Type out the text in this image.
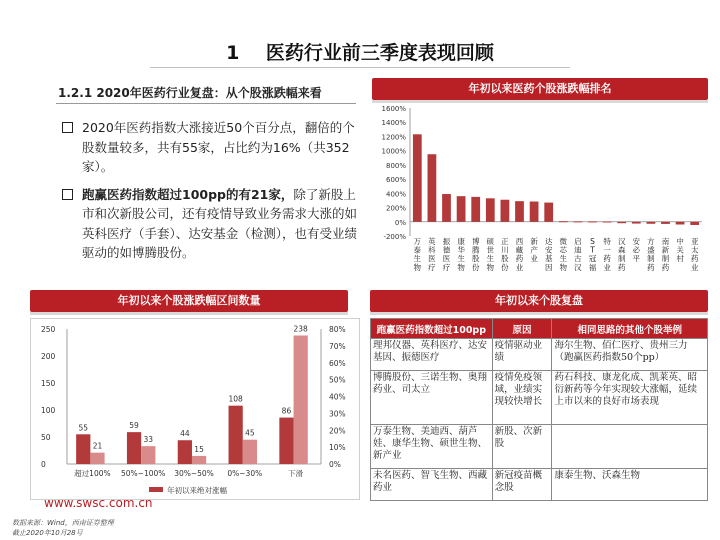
1 医药行业前三季度表现回顾
1.2.1 2020年医药行业复盘：从个股涨跌幅来看
2020年医药指数大涨接近50个百分点，翻倍的个股数量较多，共有55家，占比约为16%（共352家）。
跑赢医药指数超过100pp的有21家，除了新股上市和次新股公司，还有疫情导致业务需求大涨的如英科医疗（手套）、达安基金（检测），也有受业绩驱动的如博腾股份。
年初以来医药个股涨跌幅排名
-200%
0%
200%
400%
600%
800%
1000%
1200%
1400%
1600%
万泰生物
英科医疗
振德医疗
康华生物
博腾股份
硕世生物
正川股份
西藏药业
新产业
达安基因
微芯生物
启迪古汉
S T 冠福
特一药业
汉森制药
安必平
方盛制药
南新制药
中关村
亚太药业
年初以来个股涨跌幅区间数量
0
50
100
150
200
250
0%
10%
20%
30%
40%
50%
60%
70%
80%
55
21
超过100%
59
33
50%~100%
44
15
30%~50%
108
45
0%~30%
86
238
下滑
年初以来绝对涨幅
年初以来个股复盘
跑赢医药指数超过100pp	原因	相同思路的其他个股举例
理邦仪器、英科医疗、达安基因、振德医疗	疫情驱动业绩	海尔生物、佰仁医疗、贵州三力（跑赢医药指数50个pp）
博腾股份、三诺生物、奥翔药业、司太立	疫情免疫领域，业绩实现较快增长	药石科技、康龙化成、凯莱英、昭衍新药等今年实现较大涨幅，延续上市以来的良好市场表现
万泰生物、美迪西、葫芦娃、康华生物、硕世生物、新产业	新股、次新股	
未名医药、智飞生物、西藏药业	新冠疫苗概念股	康泰生物、沃森生物
www.swsc.com.cn
数据来源：Wind，西南证券整理
截止2020年10月28号
